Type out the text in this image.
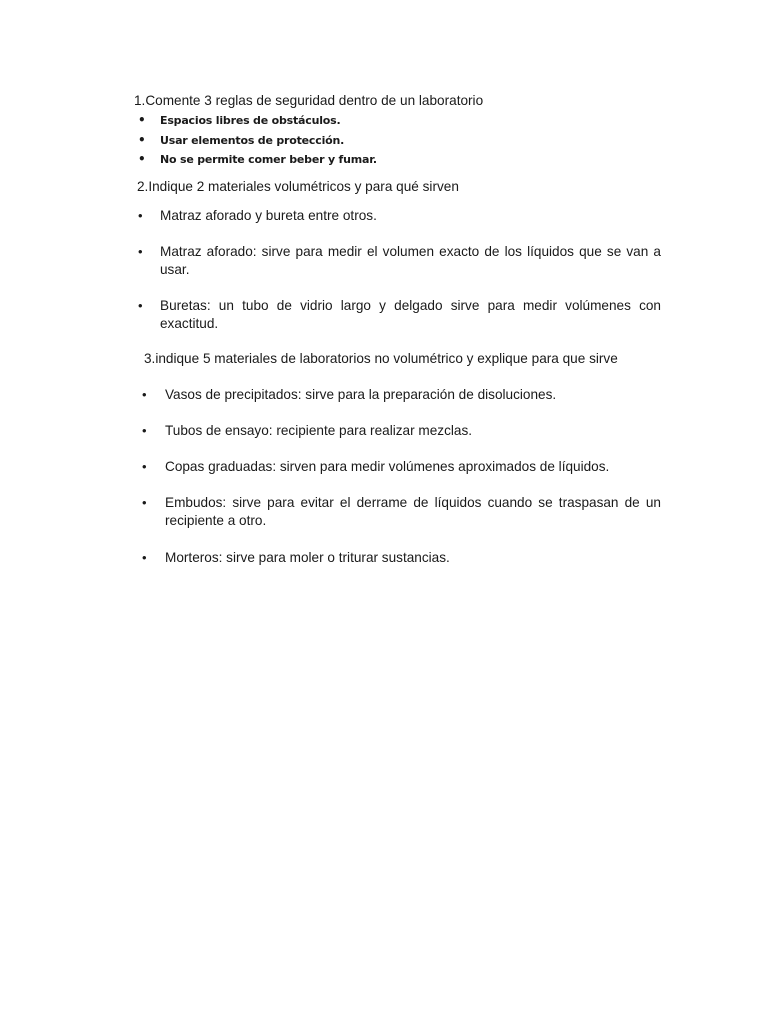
1.Comente 3 reglas de seguridad dentro de un laboratorio

• Espacios libres de obstáculos.
• Usar elementos de protección.
• No se permite comer beber y fumar.

2.Indique 2 materiales volumétricos y para qué sirven

• Matraz aforado y bureta entre otros.
• Matraz aforado: sirve para medir el volumen exacto de los líquidos que se van a usar.
• Buretas: un tubo de vidrio largo y delgado sirve para medir volúmenes con exactitud.

3.indique 5 materiales de laboratorios no volumétrico y explique para que sirve

• Vasos de precipitados: sirve para la preparación de disoluciones.
• Tubos de ensayo: recipiente para realizar mezclas.
• Copas graduadas: sirven para medir volúmenes aproximados de líquidos.
• Embudos: sirve para evitar el derrame de líquidos cuando se traspasan de un recipiente a otro.
• Morteros: sirve para moler o triturar sustancias.
